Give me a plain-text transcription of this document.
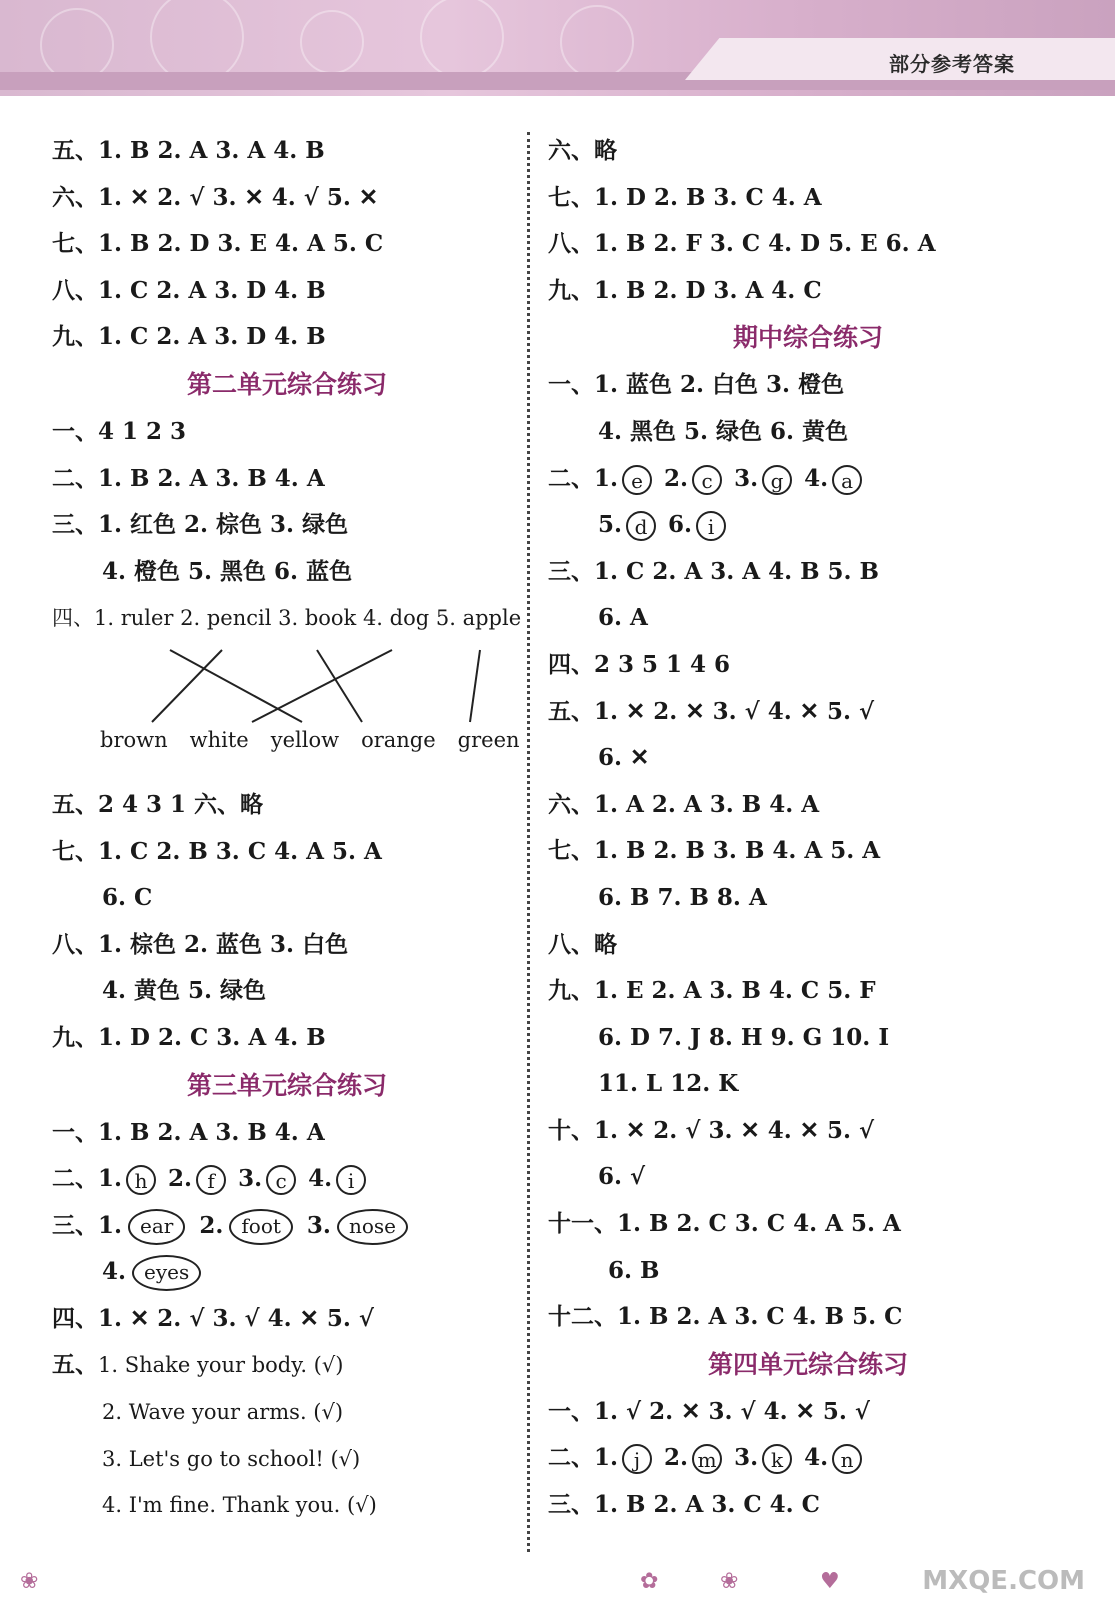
部分参考答案
五、1. B 2. A 3. A 4. B
六、1. ✕ 2. √ 3. ✕ 4. √ 5. ✕
七、1. B 2. D 3. E 4. A 5. C
八、1. C 2. A 3. D 4. B
九、1. C 2. A 3. D 4. B
第二单元综合练习
一、4 1 2 3
二、1. B 2. A 3. B 4. A
三、1. 红色 2. 棕色 3. 绿色
4. 橙色 5. 黑色 6. 蓝色
四、1. ruler 2. pencil 3. book 4. dog 5. apple
brown white yellow orange green
五、2 4 3 1 六、略
七、1. C 2. B 3. C 4. A 5. A
6. C
八、1. 棕色 2. 蓝色 3. 白色
4. 黄色 5. 绿色
九、1. D 2. C 3. A 4. B
第三单元综合练习
一、1. B 2. A 3. B 4. A
二、1. h 2. f 3. c 4. i
三、1. ear 2. foot 3. nose
4. eyes
四、1. ✕ 2. √ 3. √ 4. ✕ 5. √
五、1. Shake your body. (√)
2. Wave your arms. (√)
3. Let's go to school! (√)
4. I'm fine. Thank you. (√)
六、略
七、1. D 2. B 3. C 4. A
八、1. B 2. F 3. C 4. D 5. E 6. A
九、1. B 2. D 3. A 4. C
期中综合练习
一、1. 蓝色 2. 白色 3. 橙色
4. 黑色 5. 绿色 6. 黄色
二、1. e 2. c 3. g 4. a
5. d 6. i
三、1. C 2. A 3. A 4. B 5. B
6. A
四、2 3 5 1 4 6
五、1. ✕ 2. ✕ 3. √ 4. ✕ 5. √
6. ✕
六、1. A 2. A 3. B 4. A
七、1. B 2. B 3. B 4. A 5. A
6. B 7. B 8. A
八、略
九、1. E 2. A 3. B 4. C 5. F
6. D 7. J 8. H 9. G 10. I
11. L 12. K
十、1. ✕ 2. √ 3. ✕ 4. ✕ 5. √
6. √
十一、1. B 2. C 3. C 4. A 5. A
6. B
十二、1. B 2. A 3. C 4. B 5. C
第四单元综合练习
一、1. √ 2. ✕ 3. √ 4. ✕ 5. √
二、1. j 2. m 3. k 4. n
三、1. B 2. A 3. C 4. C
❀	✿	❀	♥	MXQE.COM
